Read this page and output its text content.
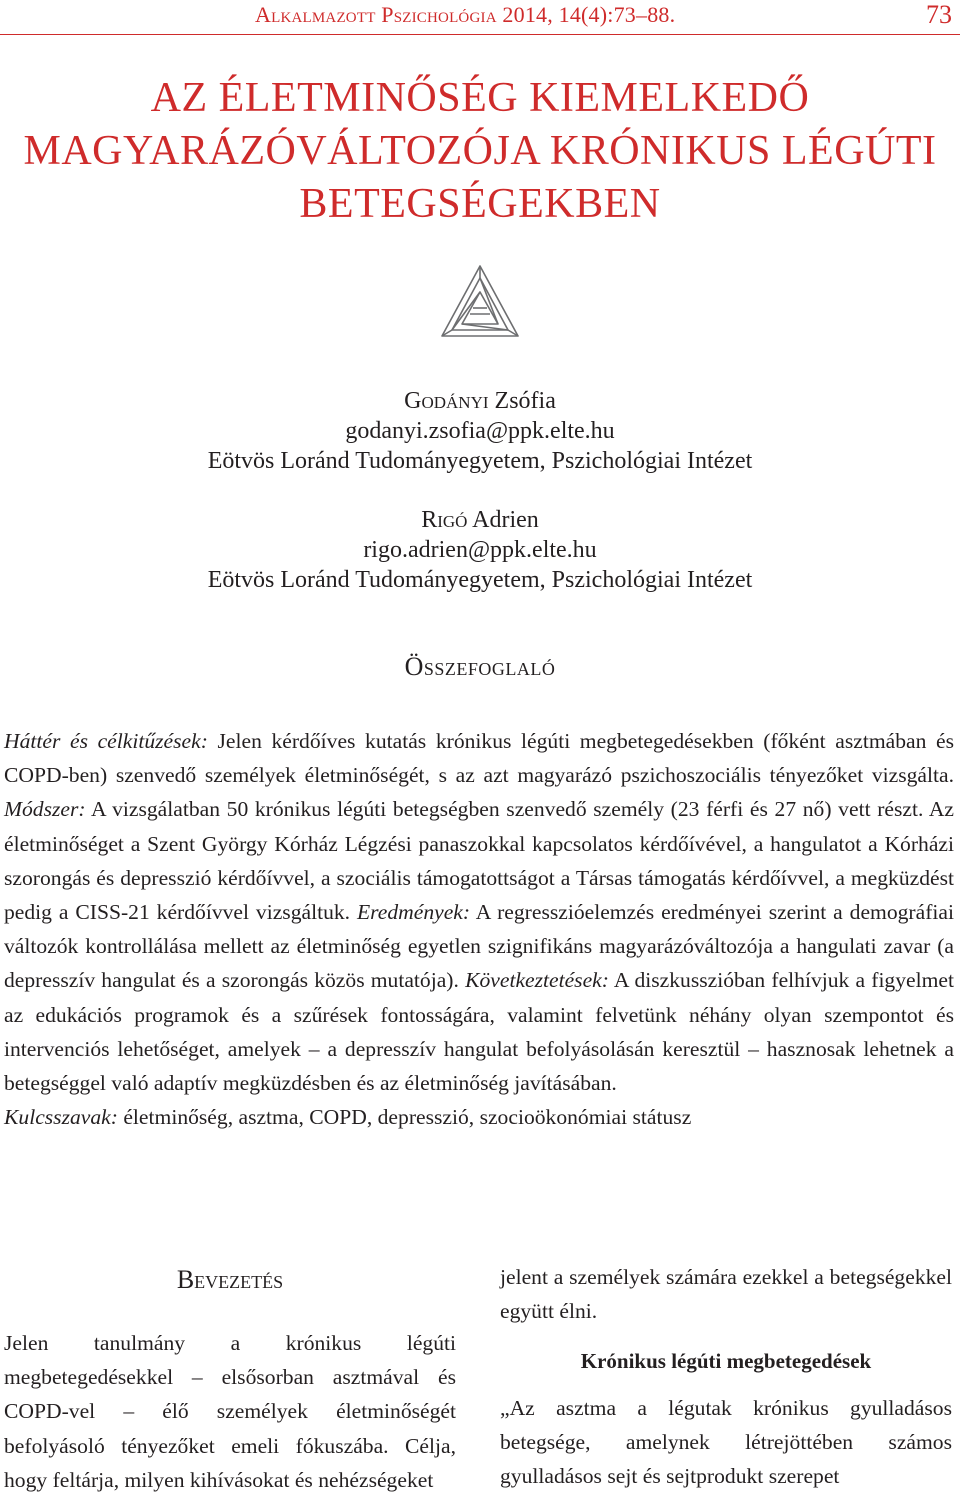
Alkalmazott Pszichológia 2014, 14(4):73–88.	73
AZ ÉLETMINŐSÉG KIEMELKEDŐ
MAGYARÁZÓVÁLTOZÓJA KRÓNIKUS LÉGÚTI
BETEGSÉGEKBEN
Godányi Zsófia
godanyi.zsofia@ppk.elte.hu
Eötvös Loránd Tudományegyetem, Pszichológiai Intézet
Rigó Adrien
rigo.adrien@ppk.elte.hu
Eötvös Loránd Tudományegyetem, Pszichológiai Intézet
Összefoglaló

Háttér és célkitűzések: Jelen kérdőíves kutatás krónikus légúti megbetegedésekben (főként asztmában és COPD-ben) szenvedő személyek életminőségét, s az azt magyarázó pszichoszociális tényezőket vizsgálta. Módszer: A vizsgálatban 50 krónikus légúti betegségben szenvedő személy (23 férfi és 27 nő) vett részt. Az életminőséget a Szent György Kórház Légzési panaszokkal kapcsolatos kérdőívével, a hangulatot a Kórházi szorongás és depresszió kérdőívvel, a szociális támogatottságot a Társas támogatás kérdőívvel, a megküzdést pedig a CISS-21 kérdőívvel vizsgáltuk. Eredmények: A regresszióelemzés eredményei szerint a demográfiai változók kontrollálása mellett az életminőség egyetlen szignifikáns magyarázóváltozója a hangulati zavar (a depresszív hangulat és a szorongás közös mutatója). Következtetések: A diszkusszióban felhívjuk a figyelmet az edukációs programok és a szűrések fontosságára, valamint felvetünk néhány olyan szempontot és intervenciós lehetőséget, amelyek – a depresszív hangulat befolyásolásán keresztül – hasznosak lehetnek a betegséggel való adaptív megküzdésben és az életminőség javításában.

Kulcsszavak: életminőség, asztma, COPD, depresszió, szocioökonómiai státusz

Bevezetés

Jelen tanulmány a krónikus légúti megbetegedésekkel – elsősorban asztmával és COPD-vel – élő személyek életminőségét befolyásoló tényezőket emeli fókuszába. Célja, hogy feltárja, milyen kihívásokat és nehézségeket

jelent a személyek számára ezekkel a betegségekkel együtt élni.

Krónikus légúti megbetegedések

„Az asztma a légutak krónikus gyulladásos betegsége, amelynek létrejöttében számos gyulladásos sejt és sejtprodukt szerepet
